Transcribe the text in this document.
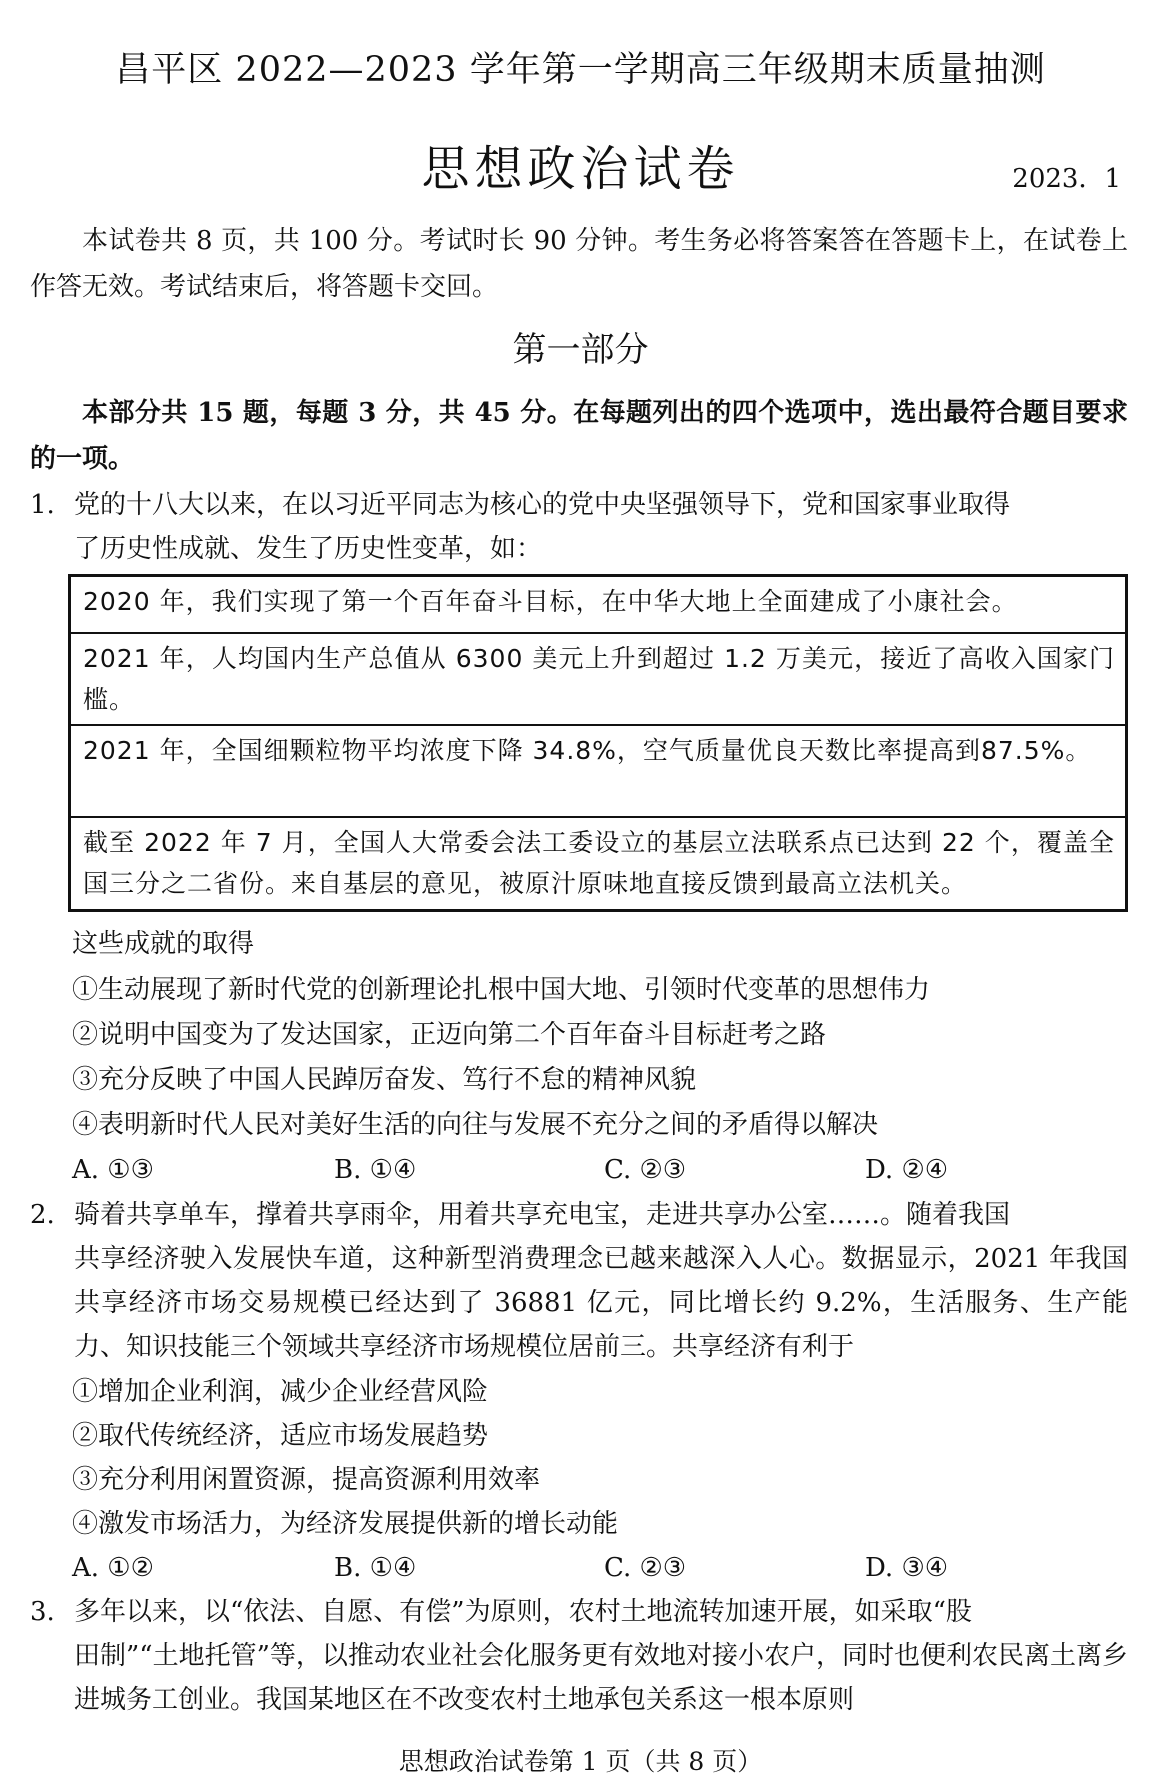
昌平区 2022—2023 学年第一学期高三年级期末质量抽测
思想政治试卷	2023．1
本试卷共 8 页，共 100 分。考试时长 90 分钟。考生务必将答案答在答题卡上，在试卷上作答无效。考试结束后，将答题卡交回。
第一部分
本部分共 15 题，每题 3 分，共 45 分。在每题列出的四个选项中，选出最符合题目要求的一项。
1. 党的十八大以来，在以习近平同志为核心的党中央坚强领导下，党和国家事业取得
了历史性成就、发生了历史性变革，如：
2020 年，我们实现了第一个百年奋斗目标，在中华大地上全面建成了小康社会。
2021 年，人均国内生产总值从 6300 美元上升到超过 1.2 万美元，接近了高收入国家门槛。
2021 年，全国细颗粒物平均浓度下降 34.8%，空气质量优良天数比率提高到87.5%。
截至 2022 年 7 月，全国人大常委会法工委设立的基层立法联系点已达到 22 个，覆盖全国三分之二省份。来自基层的意见，被原汁原味地直接反馈到最高立法机关。
这些成就的取得
①生动展现了新时代党的创新理论扎根中国大地、引领时代变革的思想伟力
②说明中国变为了发达国家，正迈向第二个百年奋斗目标赶考之路
③充分反映了中国人民踔厉奋发、笃行不怠的精神风貌
④表明新时代人民对美好生活的向往与发展不充分之间的矛盾得以解决
A. ①③	B. ①④	C. ②③	D. ②④
2. 骑着共享单车，撑着共享雨伞，用着共享充电宝，走进共享办公室……。随着我国
共享经济驶入发展快车道，这种新型消费理念已越来越深入人心。数据显示，2021 年我国共享经济市场交易规模已经达到了 36881 亿元，同比增长约 9.2%，生活服务、生产能力、知识技能三个领域共享经济市场规模位居前三。共享经济有利于
①增加企业利润，减少企业经营风险
②取代传统经济，适应市场发展趋势
③充分利用闲置资源，提高资源利用效率
④激发市场活力，为经济发展提供新的增长动能
A. ①②	B. ①④	C. ②③	D. ③④
3. 多年以来，以“依法、自愿、有偿”为原则，农村土地流转加速开展，如采取“股
田制”“土地托管”等，以推动农业社会化服务更有效地对接小农户，同时也便利农民离土离乡进城务工创业。我国某地区在不改变农村土地承包关系这一根本原则
思想政治试卷第 1 页（共 8 页）
